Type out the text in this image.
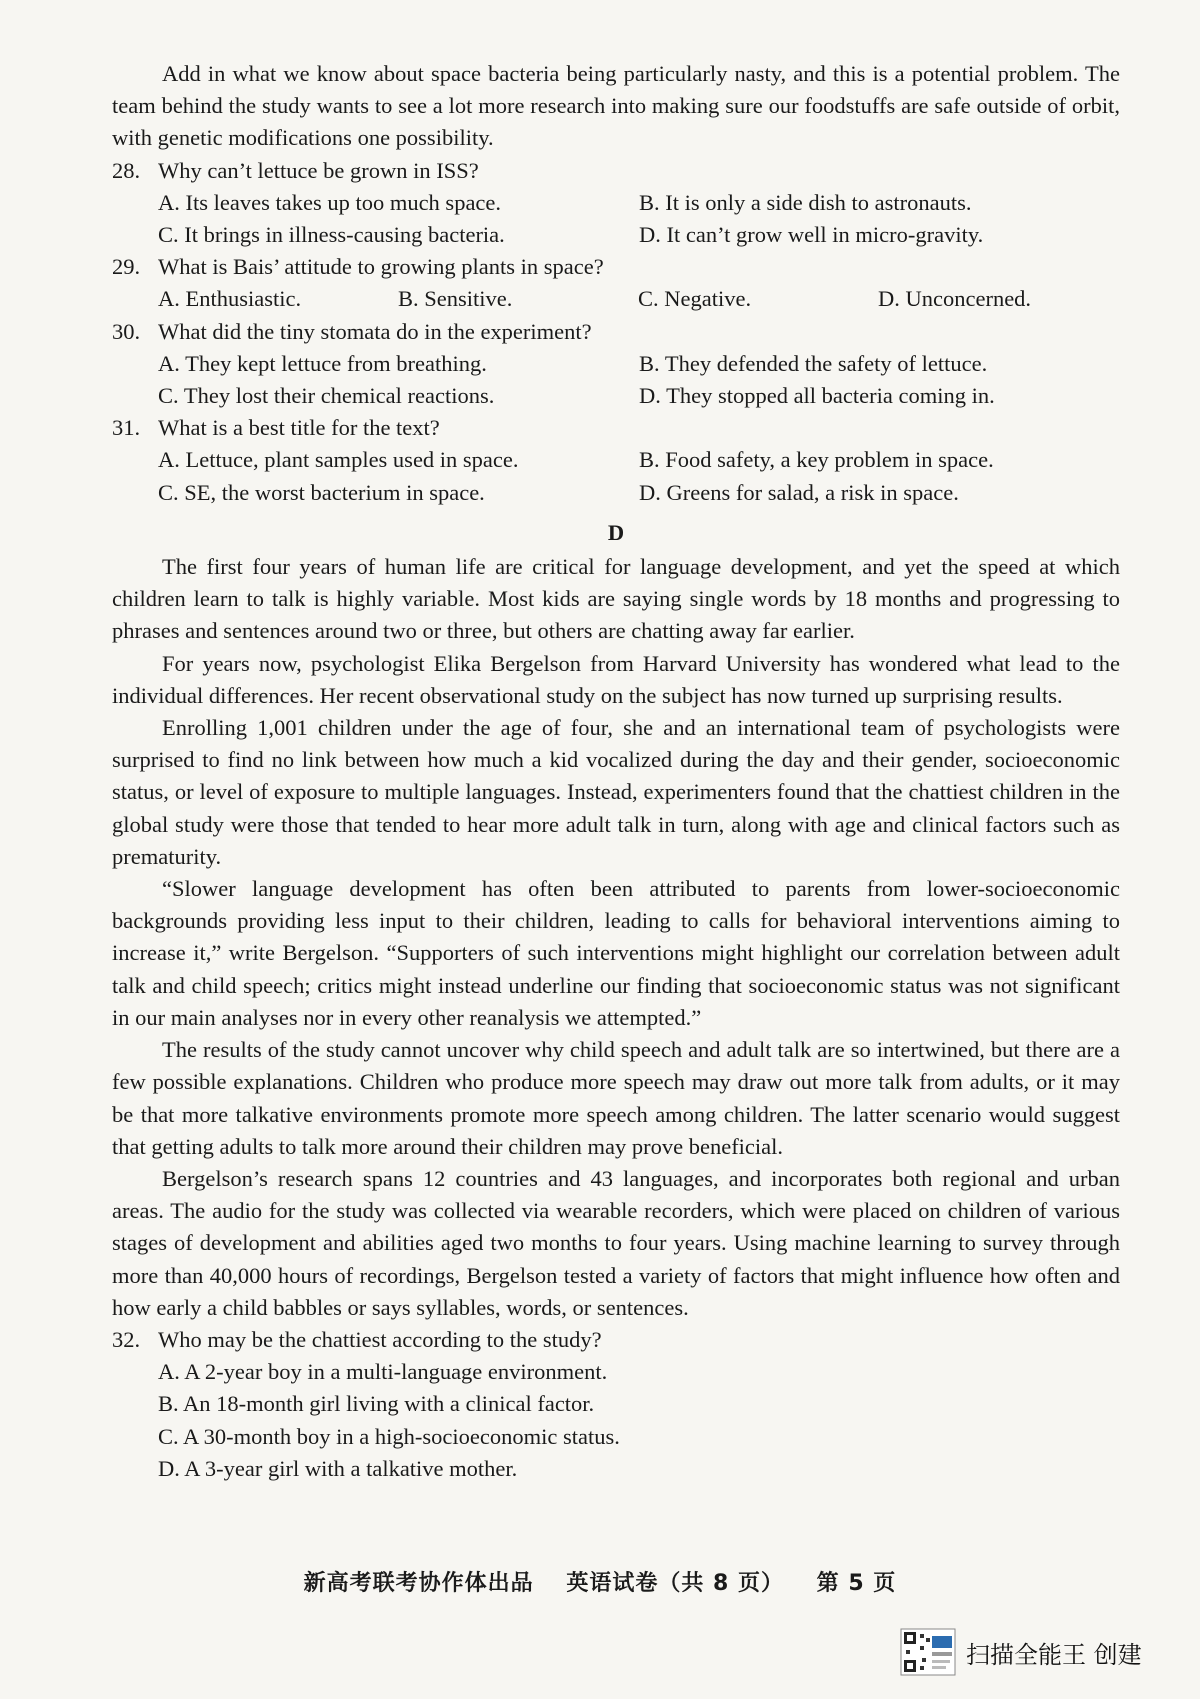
Add in what we know about space bacteria being particularly nasty, and this is a potential problem. The team behind the study wants to see a lot more research into making sure our foodstuffs are safe outside of orbit, with genetic modifications one possibility.

28. Why can’t lettuce be grown in ISS?
A. Its leaves takes up too much space.	B. It is only a side dish to astronauts.
C. It brings in illness-causing bacteria.	D. It can’t grow well in micro-gravity.
29. What is Bais’ attitude to growing plants in space?
A. Enthusiastic.	B. Sensitive.	C. Negative.	D. Unconcerned.
30. What did the tiny stomata do in the experiment?
A. They kept lettuce from breathing.	B. They defended the safety of lettuce.
C. They lost their chemical reactions.	D. They stopped all bacteria coming in.
31. What is a best title for the text?
A. Lettuce, plant samples used in space.	B. Food safety, a key problem in space.
C. SE, the worst bacterium in space.	D. Greens for salad, a risk in space.
D

The first four years of human life are critical for language development, and yet the speed at which children learn to talk is highly variable. Most kids are saying single words by 18 months and progressing to phrases and sentences around two or three, but others are chatting away far earlier.

For years now, psychologist Elika Bergelson from Harvard University has wondered what lead to the individual differences. Her recent observational study on the subject has now turned up surprising results.

Enrolling 1,001 children under the age of four, she and an international team of psychologists were surprised to find no link between how much a kid vocalized during the day and their gender, socioeconomic status, or level of exposure to multiple languages. Instead, experimenters found that the chattiest children in the global study were those that tended to hear more adult talk in turn, along with age and clinical factors such as prematurity.

“Slower language development has often been attributed to parents from lower-socioeconomic backgrounds providing less input to their children, leading to calls for behavioral interventions aiming to increase it,” write Bergelson. “Supporters of such interventions might highlight our correlation between adult talk and child speech; critics might instead underline our finding that socioeconomic status was not significant in our main analyses nor in every other reanalysis we attempted.”

The results of the study cannot uncover why child speech and adult talk are so intertwined, but there are a few possible explanations. Children who produce more speech may draw out more talk from adults, or it may be that more talkative environments promote more speech among children. The latter scenario would suggest that getting adults to talk more around their children may prove beneficial.

Bergelson’s research spans 12 countries and 43 languages, and incorporates both regional and urban areas. The audio for the study was collected via wearable recorders, which were placed on children of various stages of development and abilities aged two months to four years. Using machine learning to survey through more than 40,000 hours of recordings, Bergelson tested a variety of factors that might influence how often and how early a child babbles or says syllables, words, or sentences.

32. Who may be the chattiest according to the study?
A. A 2-year boy in a multi-language environment.
B. An 18-month girl living with a clinical factor.
C. A 30-month boy in a high-socioeconomic status.
D. A 3-year girl with a talkative mother.
新高考联考协作体出品 英语试卷（共 8 页） 第 5 页
扫描全能王 创建
